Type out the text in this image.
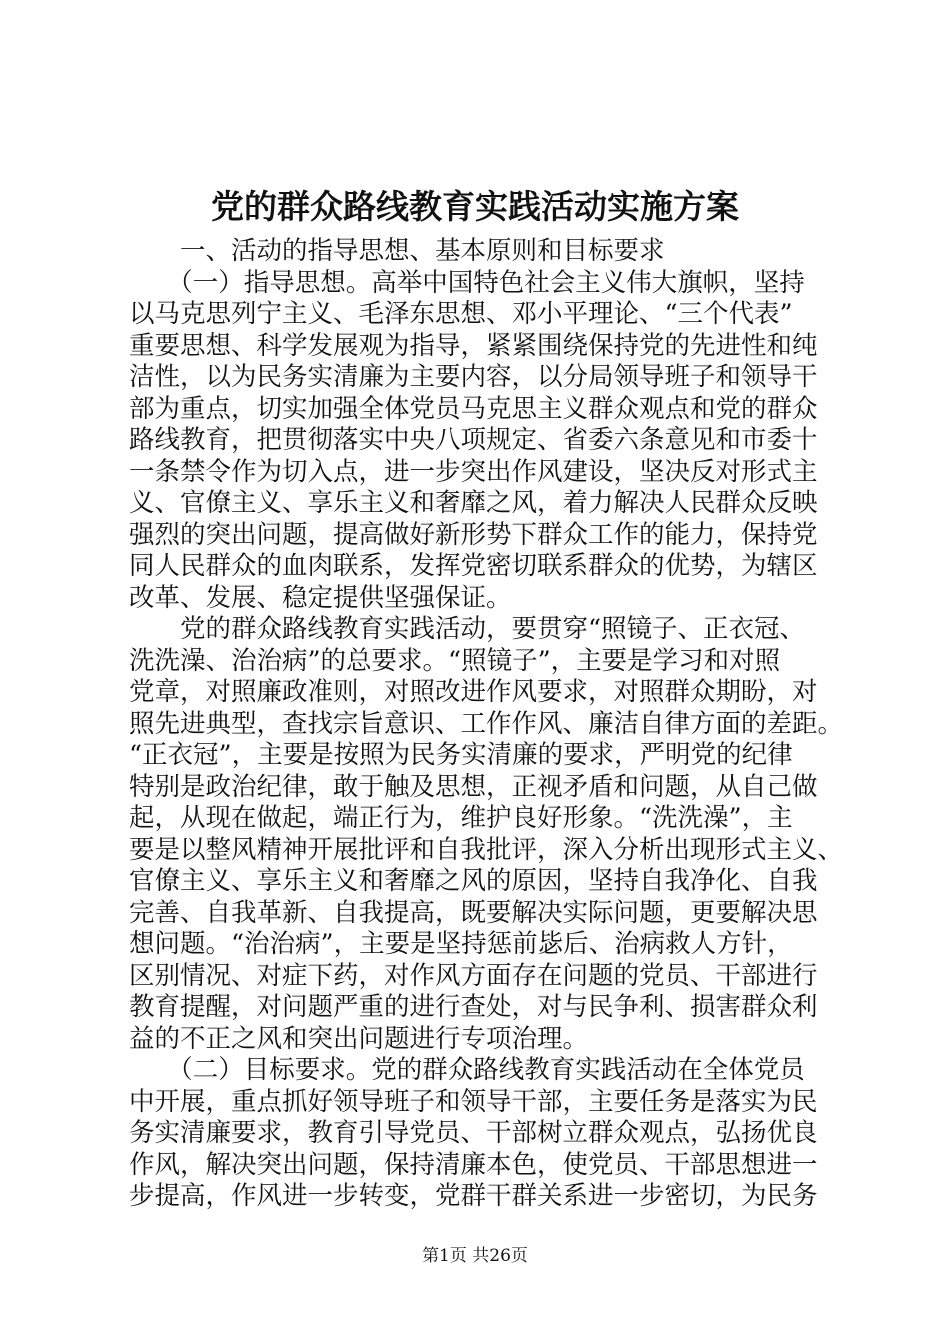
党的群众路线教育实践活动实施方案
　　一、活动的指导思想、基本原则和目标要求
　　（一）指导思想。高举中国特色社会主义伟大旗帜，坚持
以马克思列宁主义、毛泽东思想、邓小平理论、“三个代表”
重要思想、科学发展观为指导，紧紧围绕保持党的先进性和纯
洁性，以为民务实清廉为主要内容，以分局领导班子和领导干
部为重点，切实加强全体党员马克思主义群众观点和党的群众
路线教育，把贯彻落实中央八项规定、省委六条意见和市委十
一条禁令作为切入点，进一步突出作风建设，坚决反对形式主
义、官僚主义、享乐主义和奢靡之风，着力解决人民群众反映
强烈的突出问题，提高做好新形势下群众工作的能力，保持党
同人民群众的血肉联系，发挥党密切联系群众的优势，为辖区
改革、发展、稳定提供坚强保证。
　　党的群众路线教育实践活动，要贯穿“照镜子、正衣冠、
洗洗澡、治治病”的总要求。“照镜子”，主要是学习和对照
党章，对照廉政准则，对照改进作风要求，对照群众期盼，对
照先进典型，查找宗旨意识、工作作风、廉洁自律方面的差距。
“正衣冠”，主要是按照为民务实清廉的要求，严明党的纪律
特别是政治纪律，敢于触及思想，正视矛盾和问题，从自己做
起，从现在做起，端正行为，维护良好形象。“洗洗澡”，主
要是以整风精神开展批评和自我批评，深入分析出现形式主义、
官僚主义、享乐主义和奢靡之风的原因，坚持自我净化、自我
完善、自我革新、自我提高，既要解决实际问题，更要解决思
想问题。“治治病”，主要是坚持惩前毖后、治病救人方针，
区别情况、对症下药，对作风方面存在问题的党员、干部进行
教育提醒，对问题严重的进行查处，对与民争利、损害群众利
益的不正之风和突出问题进行专项治理。
　　（二）目标要求。党的群众路线教育实践活动在全体党员
中开展，重点抓好领导班子和领导干部，主要任务是落实为民
务实清廉要求，教育引导党员、干部树立群众观点，弘扬优良
作风，解决突出问题，保持清廉本色，使党员、干部思想进一
步提高，作风进一步转变，党群干群关系进一步密切，为民务
第1页 共26页
